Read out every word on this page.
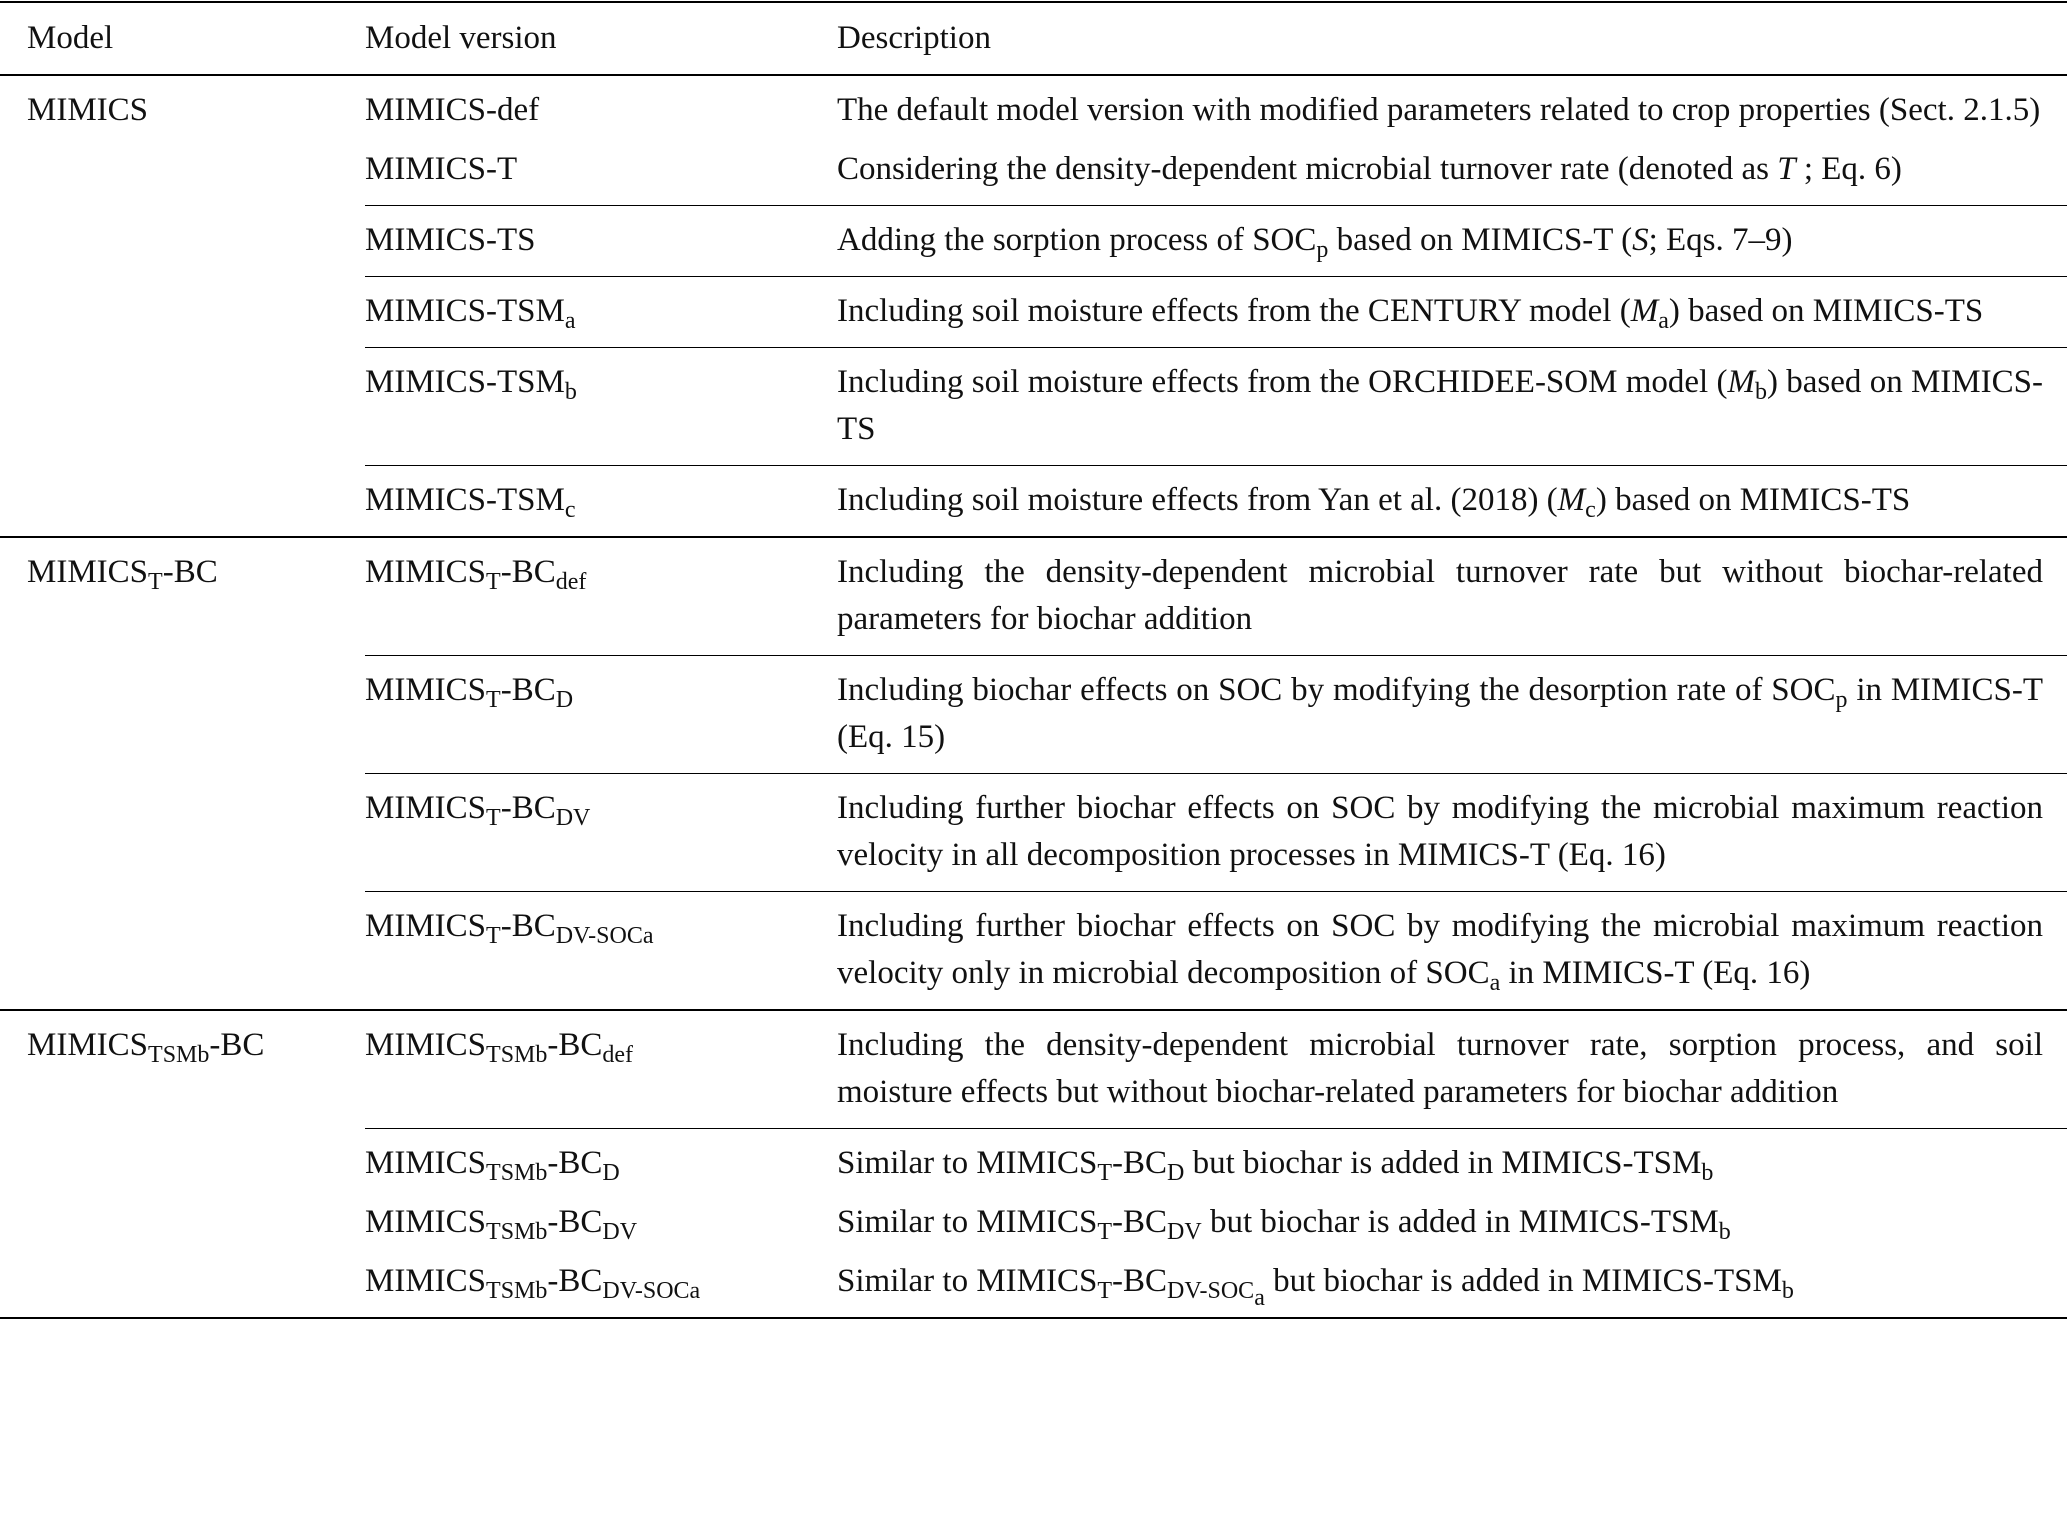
Model	Model version	Description
MIMICS	MIMICS-def	The default model version with modified parameters related to crop properties (Sect. 2.1.5)
	MIMICS-T	Considering the density-dependent microbial turnover rate (denoted as T ; Eq. 6)
	MIMICS-TS	Adding the sorption process of $SOC_p$ based on MIMICS-T (S; Eqs. 7–9)
	MIMICS-$TSM_a$	Including soil moisture effects from the CENTURY model $(M_a)$ based on MIMICS-TS
	MIMICS-$TSM_b$	Including soil moisture effects from the ORCHIDEE-SOM model $(M_b)$ based on MIMICS-TS
	MIMICS-$TSM_c$	Including soil moisture effects from Yan et al. (2018) $(M_c)$ based on MIMICS-TS
$MIMICS_T-BC$	$MIMICS_T-BC_{def}$	Including the density-dependent microbial turnover rate but without biochar-related parameters for biochar addition
	$MIMICS_T-BC_D$	Including biochar effects on SOC by modifying the desorption rate of $SOC_p$ in MIMICS-T (Eq. 15)
	$MIMICS_T-BC_{DV}$	Including further biochar effects on SOC by modifying the microbial maximum reaction velocity in all decomposition processes in MIMICS-T (Eq. 16)
	$MIMICS_T-BC_{DV-SOCa}$	Including further biochar effects on SOC by modifying the microbial maximum reaction velocity only in microbial decomposition of $SOC_a$ in MIMICS-T (Eq. 16)
$MIMICS_{TSMb}-BC$	$MIMICS_{TSMb}-BC_{def}$	Including the density-dependent microbial turnover rate, sorption process, and soil moisture effects but without biochar-related parameters for biochar addition
	$MIMICS_{TSMb}-BC_D$	Similar to $MIMICS_T-BC_D$ but biochar is added in MIMICS-$TSM_b$
	$MIMICS_{TSMb}-BC_{DV}$	Similar to $MIMICS_T-BC_{DV}$ but biochar is added in MIMICS-$TSM_b$
	$MIMICS_{TSMb}-BC_{DV-SOCa}$	Similar to $MIMICS_T-BC_{DV-SOC_a}$ but biochar is added in MIMICS-$TSM_b$
